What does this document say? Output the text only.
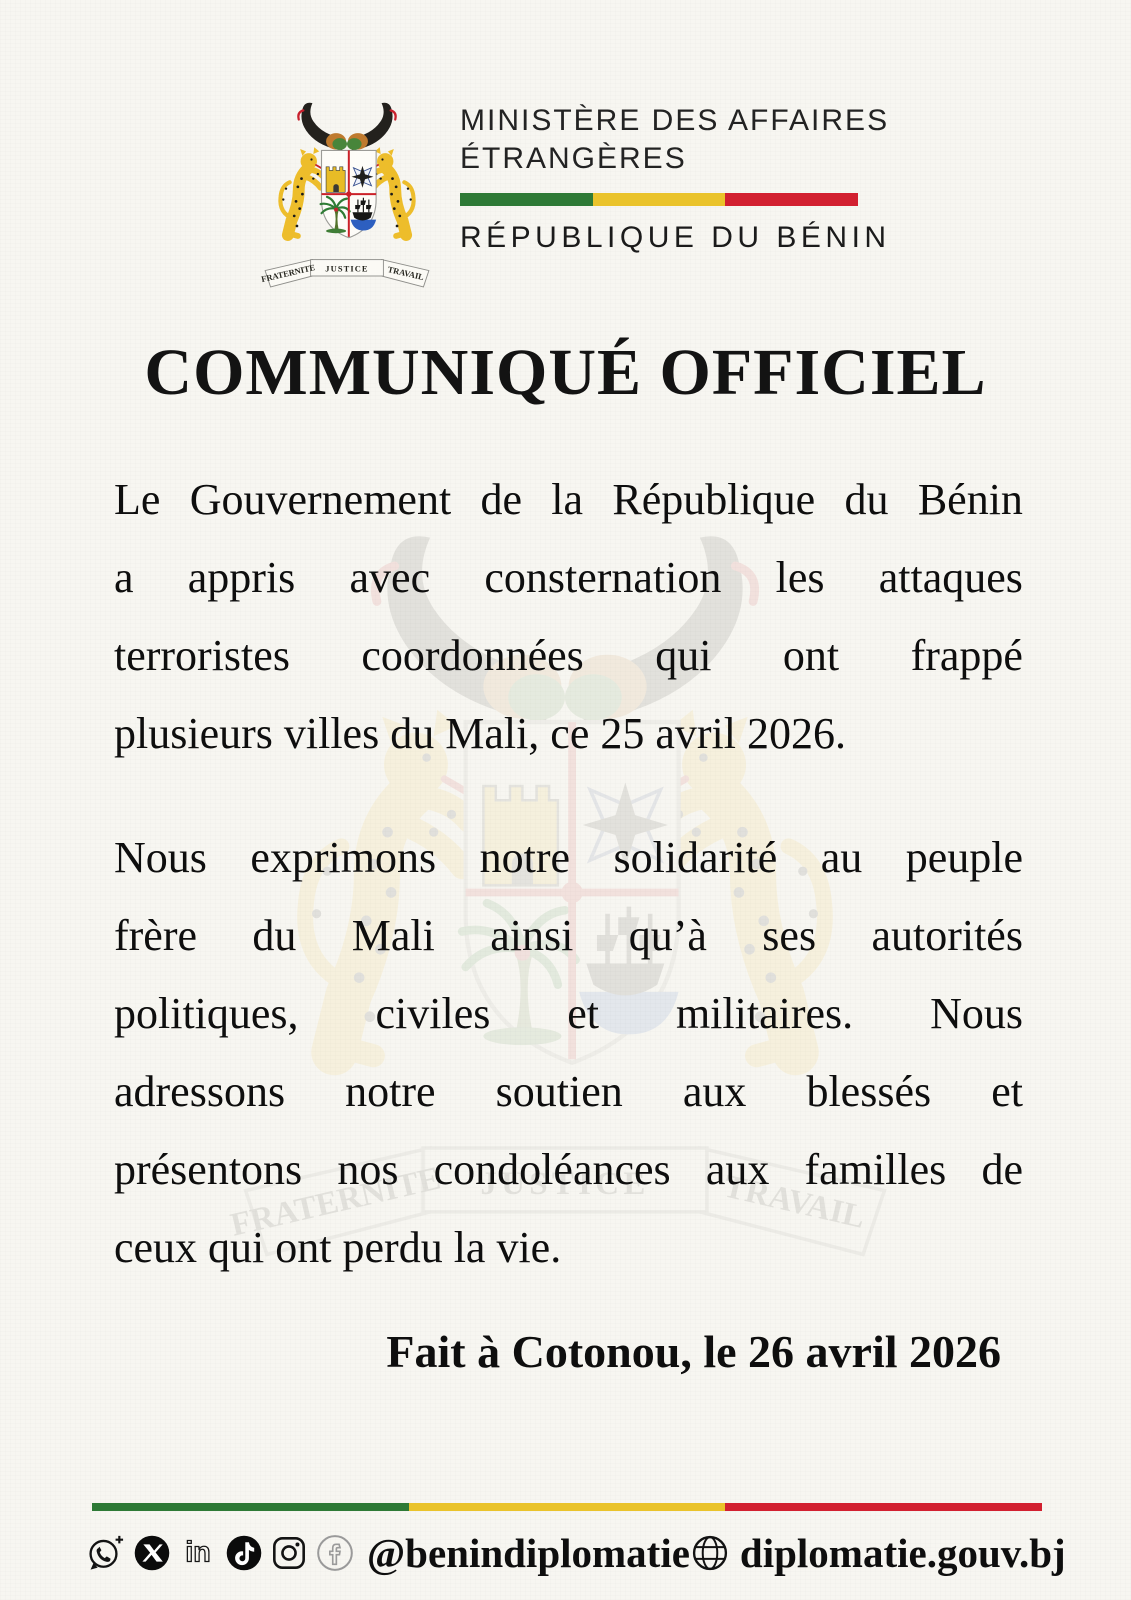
MINISTÈRE DES AFFAIRES
ÉTRANGÈRES
RÉPUBLIQUE DU BÉNIN
COMMUNIQUÉ OFFICIEL
Le Gouvernement de la République du Bénin
a appris avec consternation les attaques
terroristes coordonnées qui ont frappé
plusieurs villes du Mali, ce 25 avril 2026.
Nous exprimons notre solidarité au peuple
frère du Mali ainsi qu’à ses autorités
politiques, civiles et militaires. Nous
adressons notre soutien aux blessés et
présentons nos condoléances aux familles de
ceux qui ont perdu la vie.
Fait à Cotonou, le 26 avril 2026
in	@benindiplomatie diplomatie.gouv.bj
